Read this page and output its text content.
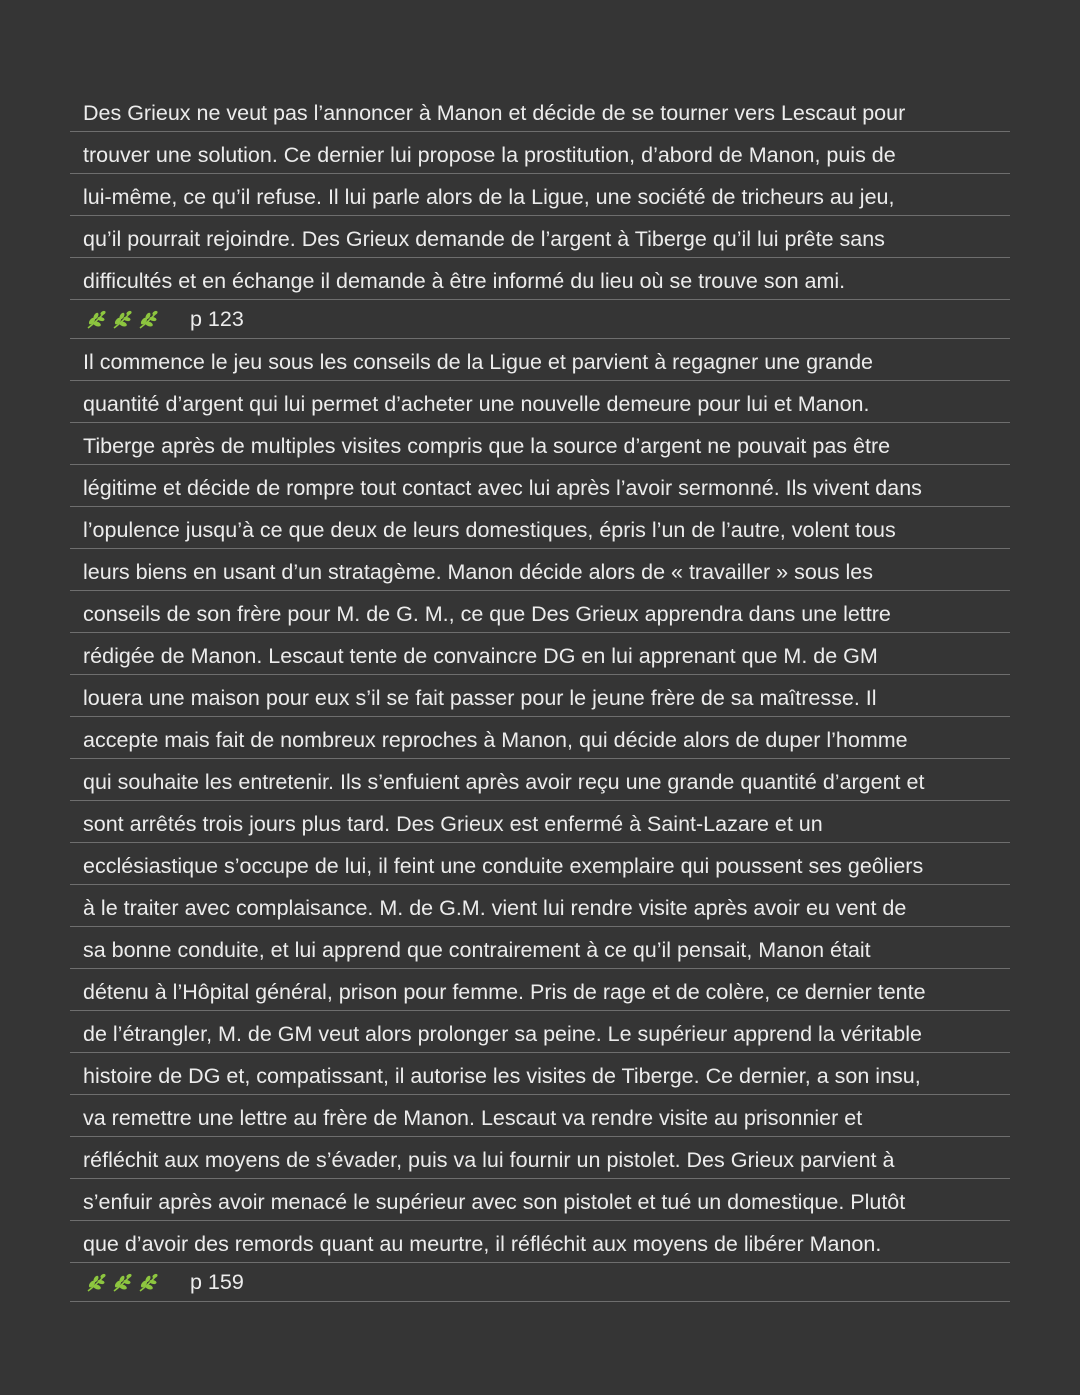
Des Grieux ne veut pas l’annoncer à Manon et décide de se tourner vers Lescaut pour
trouver une solution. Ce dernier lui propose la prostitution, d’abord de Manon, puis de
lui-même, ce qu’il refuse. Il lui parle alors de la Ligue, une société de tricheurs au jeu,
qu’il pourrait rejoindre. Des Grieux demande de l’argent à Tiberge qu’il lui prête sans
difficultés et en échange il demande à être informé du lieu où se trouve son ami.
p 123
Il commence le jeu sous les conseils de la Ligue et parvient à regagner une grande
quantité d’argent qui lui permet d’acheter une nouvelle demeure pour lui et Manon.
Tiberge après de multiples visites compris que la source d’argent ne pouvait pas être
légitime et décide de rompre tout contact avec lui après l’avoir sermonné. Ils vivent dans
l’opulence jusqu’à ce que deux de leurs domestiques, épris l’un de l’autre, volent tous
leurs biens en usant d’un stratagème. Manon décide alors de « travailler » sous les
conseils de son frère pour M. de G. M., ce que Des Grieux apprendra dans une lettre
rédigée de Manon. Lescaut tente de convaincre DG en lui apprenant que M. de GM
louera une maison pour eux s’il se fait passer pour le jeune frère de sa maîtresse. Il
accepte mais fait de nombreux reproches à Manon, qui décide alors de duper l’homme
qui souhaite les entretenir. Ils s’enfuient après avoir reçu une grande quantité d’argent et
sont arrêtés trois jours plus tard. Des Grieux est enfermé à Saint-Lazare et un
ecclésiastique s’occupe de lui, il feint une conduite exemplaire qui poussent ses geôliers
à le traiter avec complaisance. M. de G.M. vient lui rendre visite après avoir eu vent de
sa bonne conduite, et lui apprend que contrairement à ce qu’il pensait, Manon était
détenu à l’Hôpital général, prison pour femme. Pris de rage et de colère, ce dernier tente
de l’étrangler, M. de GM veut alors prolonger sa peine. Le supérieur apprend la véritable
histoire de DG et, compatissant, il autorise les visites de Tiberge. Ce dernier, a son insu,
va remettre une lettre au frère de Manon. Lescaut va rendre visite au prisonnier et
réfléchit aux moyens de s’évader, puis va lui fournir un pistolet. Des Grieux parvient à
s’enfuir après avoir menacé le supérieur avec son pistolet et tué un domestique. Plutôt
que d’avoir des remords quant au meurtre, il réfléchit aux moyens de libérer Manon.
p 159
